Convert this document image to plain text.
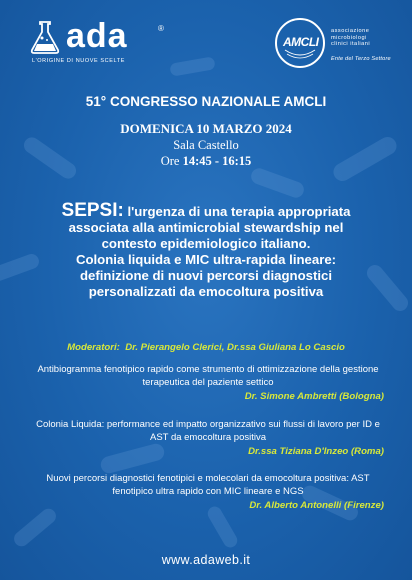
ada	®
L'ORIGINE DI NUOVE SCELTE
AMCLI
associazione
microbiologi
clinici italiani
Ente del Terzo Settore
51° CONGRESSO NAZIONALE AMCLI
DOMENICA 10 MARZO 2024
Sala Castello
Ore 14:45 - 16:15
SEPSI: l'urgenza di una terapia appropriata associata alla antimicrobial stewardship nel contesto epidemiologico italiano.
Colonia liquida e MIC ultra-rapida lineare: definizione di nuovi percorsi diagnostici personalizzati da emocoltura positiva
Moderatori: Dr. Pierangelo Clerici, Dr.ssa Giuliana Lo Cascio
Antibiogramma fenotipico rapido come strumento di ottimizzazione della gestione terapeutica del paziente settico
Dr. Simone Ambretti (Bologna)
Colonia Liquida: performance ed impatto organizzativo sui flussi di lavoro per ID e AST da emocoltura positiva
Dr.ssa Tiziana D'Inzeo (Roma)
Nuovi percorsi diagnostici fenotipici e molecolari da emocoltura positiva: AST fenotipico ultra rapido con MIC lineare e NGS
Dr. Alberto Antonelli (Firenze)
www.adaweb.it
